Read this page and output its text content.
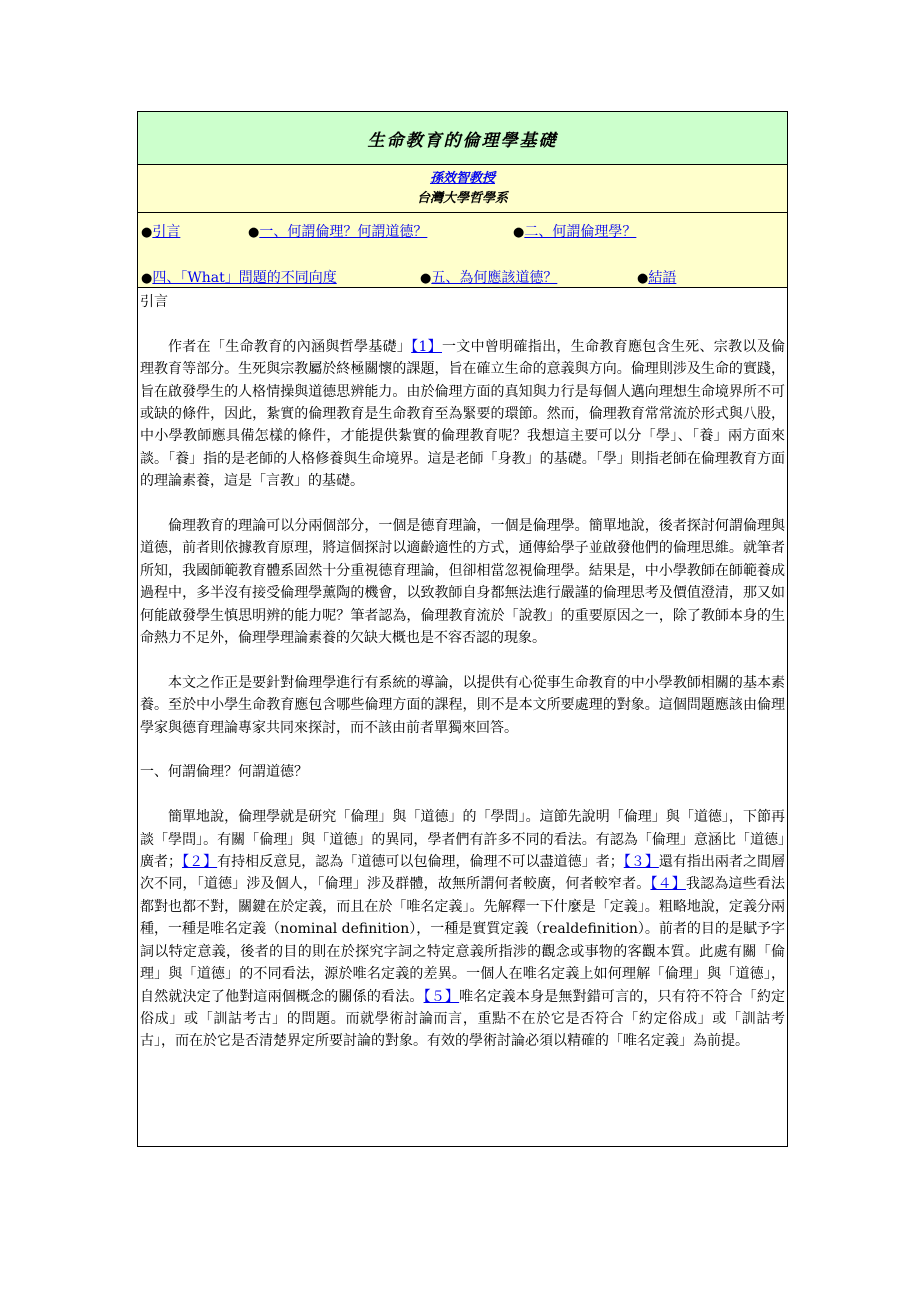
生命教育的倫理學基礎
孫效智教授
台灣大學哲學系
●引言	●一、何謂倫理？何謂道德？	●二、何謂倫理學？
●四、「What」問題的不同向度	●五、為何應該道德？	●結語

引言

作者在「生命教育的內涵與哲學基礎」【1】一文中曾明確指出，生命教育應包含生死、宗教以及倫理教育等部分。生死與宗教屬於終極關懷的課題，旨在確立生命的意義與方向。倫理則涉及生命的實踐，旨在啟發學生的人格情操與道德思辨能力。由於倫理方面的真知與力行是每個人邁向理想生命境界所不可或缺的條件，因此，紮實的倫理教育是生命教育至為緊要的環節。然而，倫理教育常常流於形式與八股，中小學教師應具備怎樣的條件，才能提供紮實的倫理教育呢？我想這主要可以分「學」、「養」兩方面來談。「養」指的是老師的人格修養與生命境界。這是老師「身教」的基礎。「學」則指老師在倫理教育方面的理論素養，這是「言教」的基礎。

倫理教育的理論可以分兩個部分，一個是德育理論，一個是倫理學。簡單地說，後者探討何謂倫理與道德，前者則依據教育原理，將這個探討以適齡適性的方式，通傳給學子並啟發他們的倫理思維。就筆者所知，我國師範教育體系固然十分重視德育理論，但卻相當忽視倫理學。結果是，中小學教師在師範養成過程中，多半沒有接受倫理學薰陶的機會，以致教師自身都無法進行嚴謹的倫理思考及價值澄清，那又如何能啟發學生慎思明辨的能力呢？筆者認為，倫理教育流於「說教」的重要原因之一，除了教師本身的生命熱力不足外，倫理學理論素養的欠缺大概也是不容否認的現象。

本文之作正是要針對倫理學進行有系統的導論，以提供有心從事生命教育的中小學教師相關的基本素養。至於中小學生命教育應包含哪些倫理方面的課程，則不是本文所要處理的對象。這個問題應該由倫理學家與德育理論專家共同來探討，而不該由前者單獨來回答。

一、何謂倫理？何謂道德？

簡單地說，倫理學就是研究「倫理」與「道德」的「學問」。這節先說明「倫理」與「道德」，下節再談「學問」。有關「倫理」與「道德」的異同，學者們有許多不同的看法。有認為「倫理」意涵比「道德」廣者；【２】有持相反意見，認為「道德可以包倫理，倫理不可以盡道德」者；【３】還有指出兩者之間層次不同，「道德」涉及個人，「倫理」涉及群體，故無所謂何者較廣，何者較窄者。【４】我認為這些看法都對也都不對，關鍵在於定義，而且在於「唯名定義」。先解釋一下什麼是「定義」。粗略地說，定義分兩種，一種是唯名定義（nominal definition），一種是實質定義（realdefinition）。前者的目的是賦予字詞以特定意義，後者的目的則在於探究字詞之特定意義所指涉的觀念或事物的客觀本質。此處有關「倫理」與「道德」的不同看法，源於唯名定義的差異。一個人在唯名定義上如何理解「倫理」與「道德」，自然就決定了他對這兩個概念的關係的看法。【５】唯名定義本身是無對錯可言的，只有符不符合「約定俗成」或「訓詁考古」的問題。而就學術討論而言，重點不在於它是否符合「約定俗成」或「訓詁考古」，而在於它是否清楚界定所要討論的對象。有效的學術討論必須以精確的「唯名定義」為前提。
